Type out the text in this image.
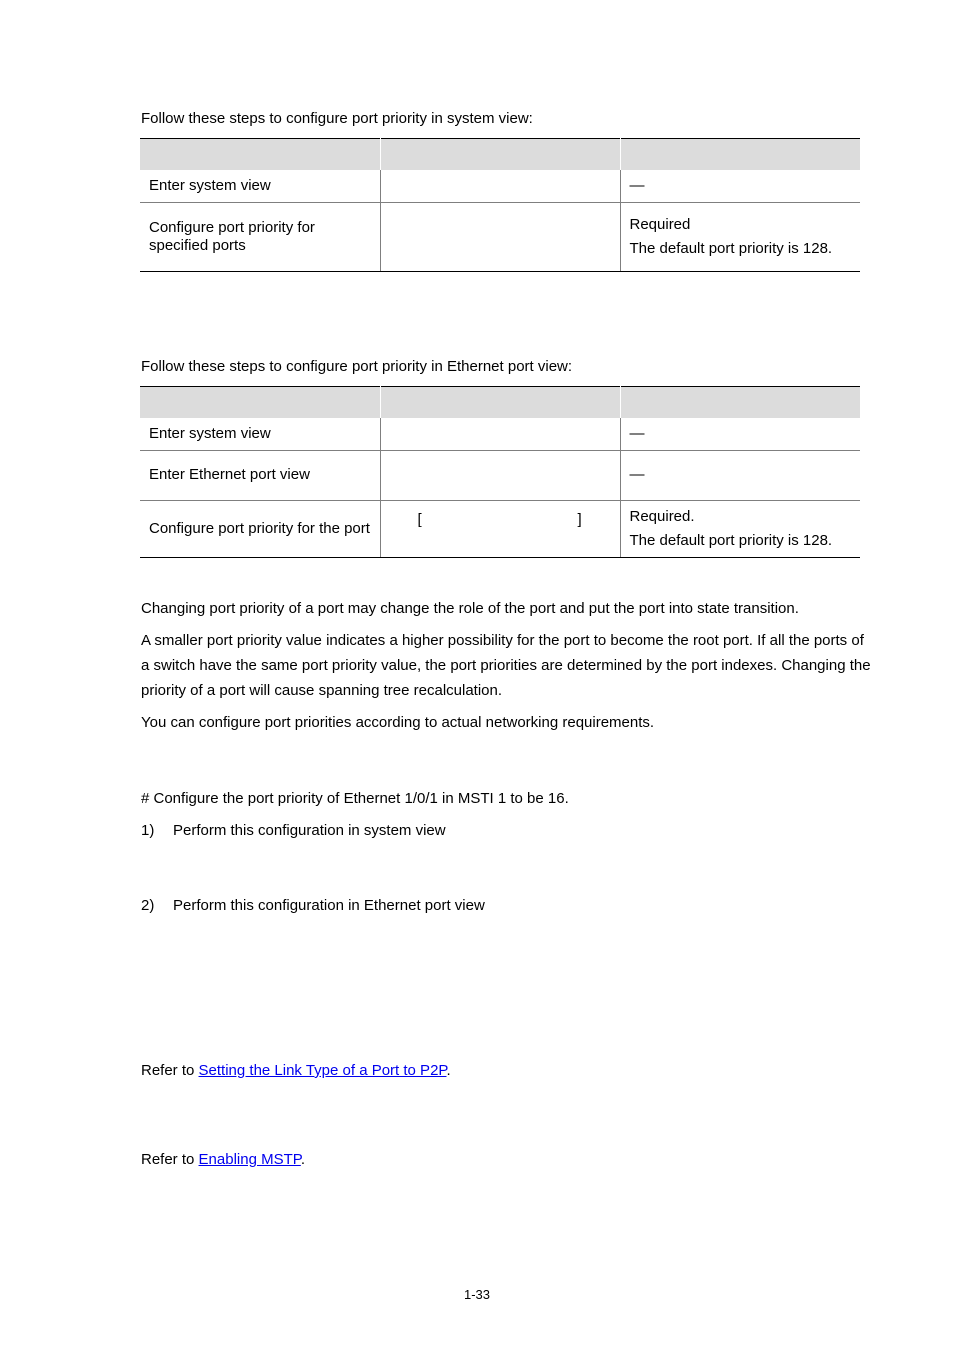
Follow these steps to configure port priority in system view:

Enter system view		—
Configure port priority for specified ports		Required
The default port priority is 128.
Follow these steps to configure port priority in Ethernet port view:

Enter system view		—
Enter Ethernet port view		—
Configure port priority for the port	[ ]	Required.
The default port priority is 128.
Changing port priority of a port may change the role of the port and put the port into state transition.
A smaller port priority value indicates a higher possibility for the port to become the root port. If all the ports of a switch have the same port priority value, the port priorities are determined by the port indexes. Changing the priority of a port will cause spanning tree recalculation.
You can configure port priorities according to actual networking requirements.
# Configure the port priority of Ethernet 1/0/1 in MSTI 1 to be 16.
1) Perform this configuration in system view
2) Perform this configuration in Ethernet port view
Refer to Setting the Link Type of a Port to P2P.
Refer to Enabling MSTP.
1-33
